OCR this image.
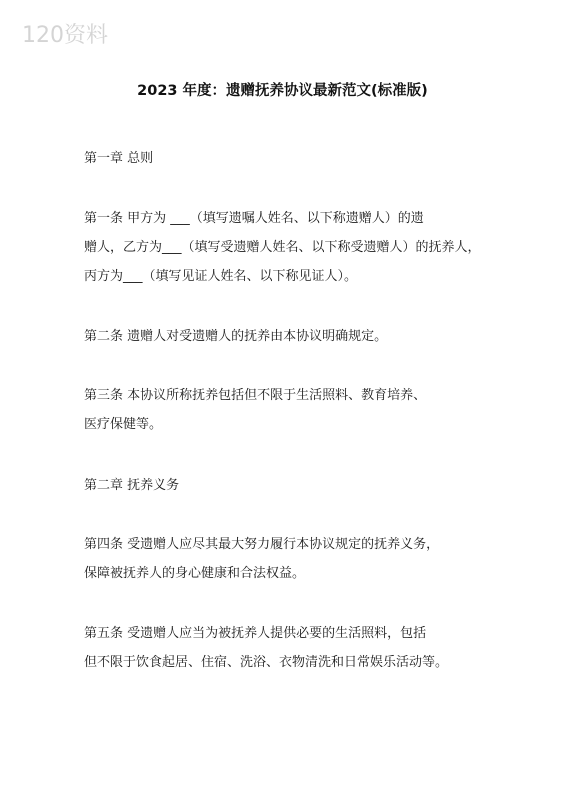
120资料
2023 年度：遗赠抚养协议最新范文(标准版)
第一章 总则
第一条 甲方为 ___（填写遗嘱人姓名、以下称遗赠人）的遗
赠人，乙方为___（填写受遗赠人姓名、以下称受遗赠人）的抚养人，
丙方为___（填写见证人姓名、以下称见证人）。
第二条 遗赠人对受遗赠人的抚养由本协议明确规定。
第三条 本协议所称抚养包括但不限于生活照料、教育培养、
医疗保健等。
第二章 抚养义务
第四条 受遗赠人应尽其最大努力履行本协议规定的抚养义务，
保障被抚养人的身心健康和合法权益。
第五条 受遗赠人应当为被抚养人提供必要的生活照料，包括
但不限于饮食起居、住宿、洗浴、衣物清洗和日常娱乐活动等。
